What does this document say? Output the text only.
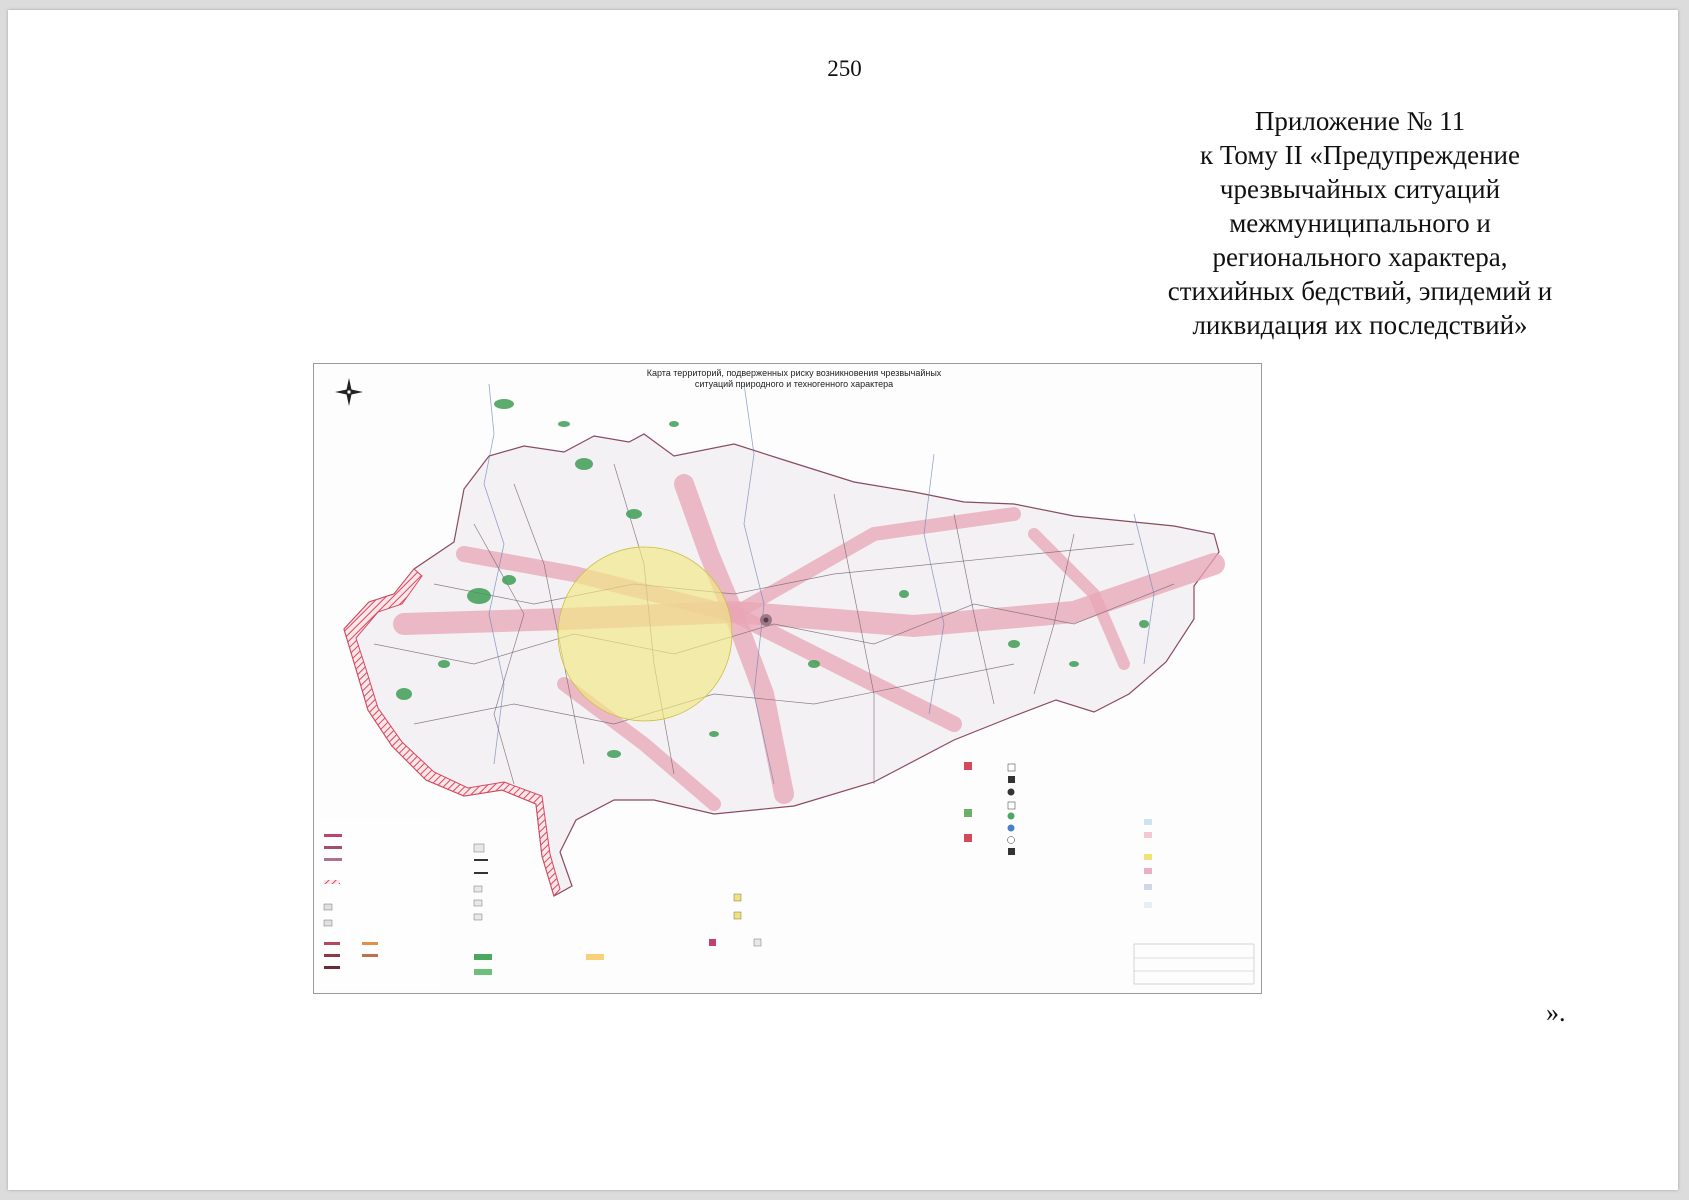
250
Приложение № 11
к Тому II «Предупреждение
чрезвычайных ситуаций
межмуниципального и
регионального характера,
стихийных бедствий, эпидемий и
ликвидация их последствий»
Карта территорий, подверженных риску возникновения чрезвычайных
ситуаций природного и техногенного характера
».
